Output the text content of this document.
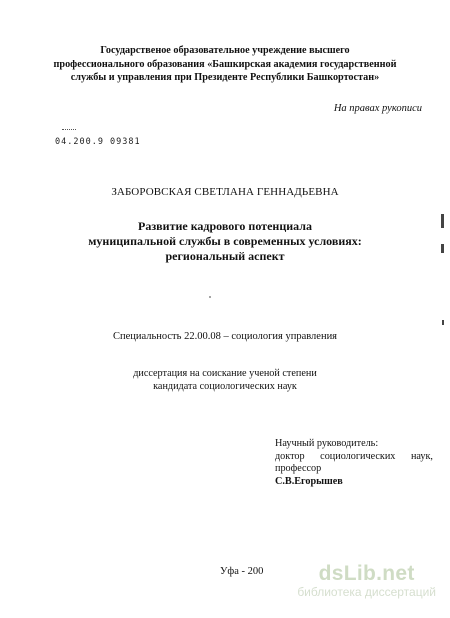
Государственое образовательное учреждение высшего
профессионального образования «Башкирская академия государственной
службы и управления при Президенте Республики Башкортостан»
На правах рукописи
04.200.9 09381
ЗАБОРОВСКАЯ СВЕТЛАНА ГЕННАДЬЕВНА
Развитие кадрового потенциала
муниципальной службы в современных условиях:
региональный аспект
Специальность 22.00.08 – социология управления
диссертация на соискание ученой степени
кандидата социологических наук
Научный руководитель:
доктор социологических наук,
профессор
С.В.Егорышев
Уфа - 200	dsLib.net
библиотека диссертаций
